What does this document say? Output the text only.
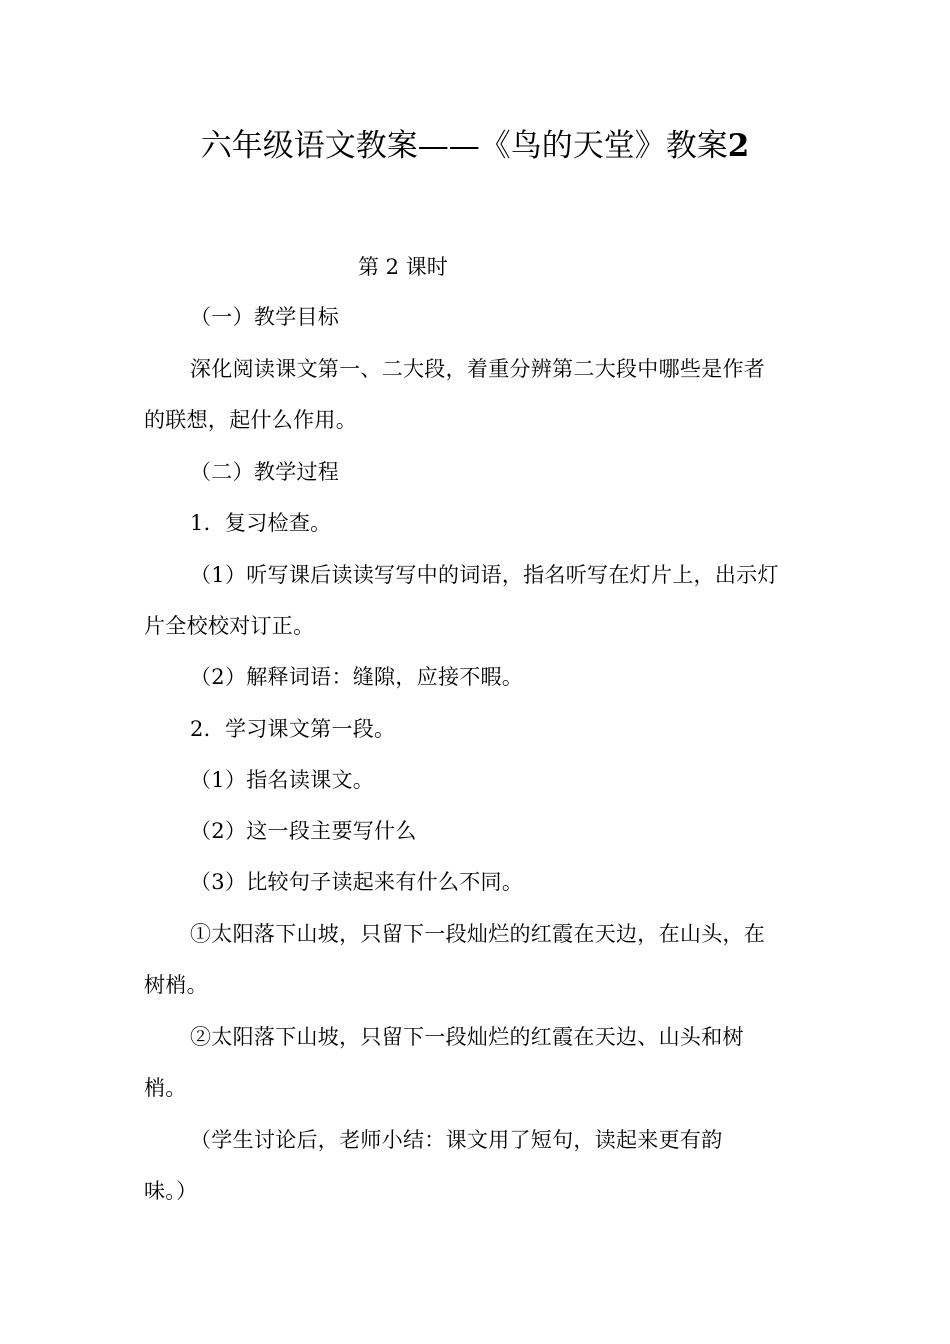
六年级语文教案——《鸟的天堂》教案2
第 2 课时
（一）教学目标
深化阅读课文第一、二大段，着重分辨第二大段中哪些是作者
的联想，起什么作用。
（二）教学过程
1．复习检查。
（1）听写课后读读写写中的词语，指名听写在灯片上，出示灯
片全校校对订正。
（2）解释词语：缝隙，应接不暇。
2．学习课文第一段。
（1）指名读课文。
（2）这一段主要写什么
（3）比较句子读起来有什么不同。
①太阳落下山坡，只留下一段灿烂的红霞在天边，在山头，在
树梢。
②太阳落下山坡，只留下一段灿烂的红霞在天边、山头和树
梢。
（学生讨论后，老师小结：课文用了短句，读起来更有韵
味。）
